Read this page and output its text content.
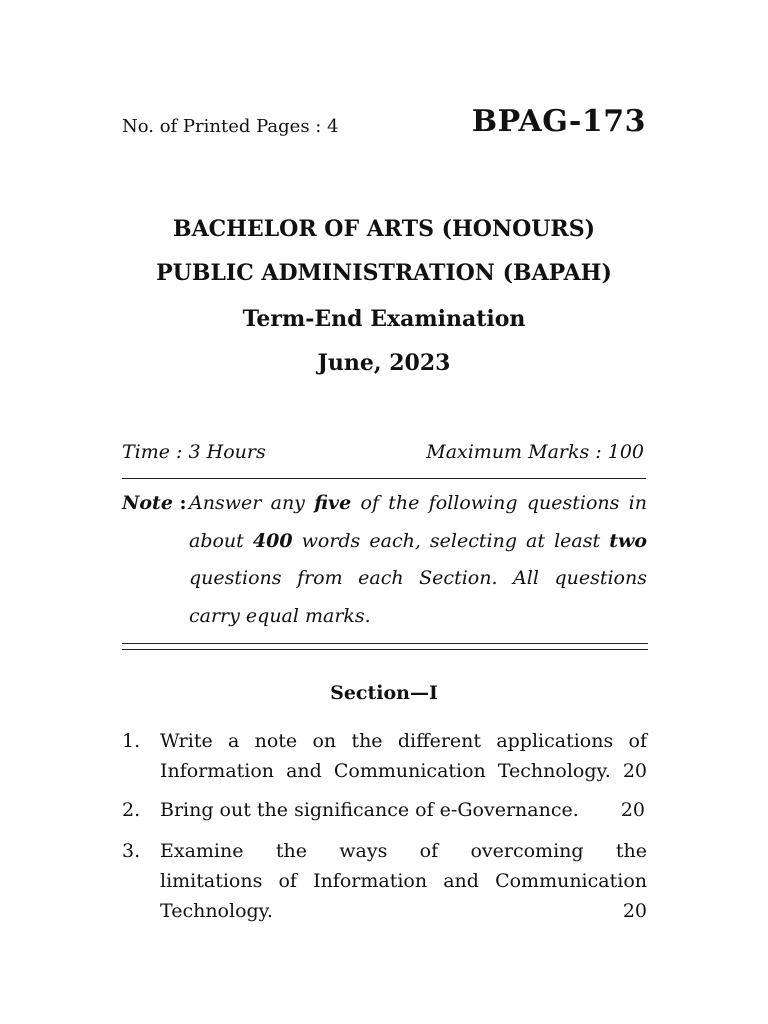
No. of Printed Pages : 4	BPAG-173
BACHELOR OF ARTS (HONOURS)
PUBLIC ADMINISTRATION (BAPAH)
Term-End Examination
June, 2023
Time : 3 Hours	Maximum Marks : 100
Note : Answer any five of the following questions in
about 400 words each, selecting at least two
questions from each Section. All questions
carry equal marks.
Section—I
1. Write a note on the different applications of
Information and Communication Technology. 20
2. Bring out the significance of e-Governance. 20
3. Examine the ways of overcoming the
limitations of Information and Communication
Technology.	20
